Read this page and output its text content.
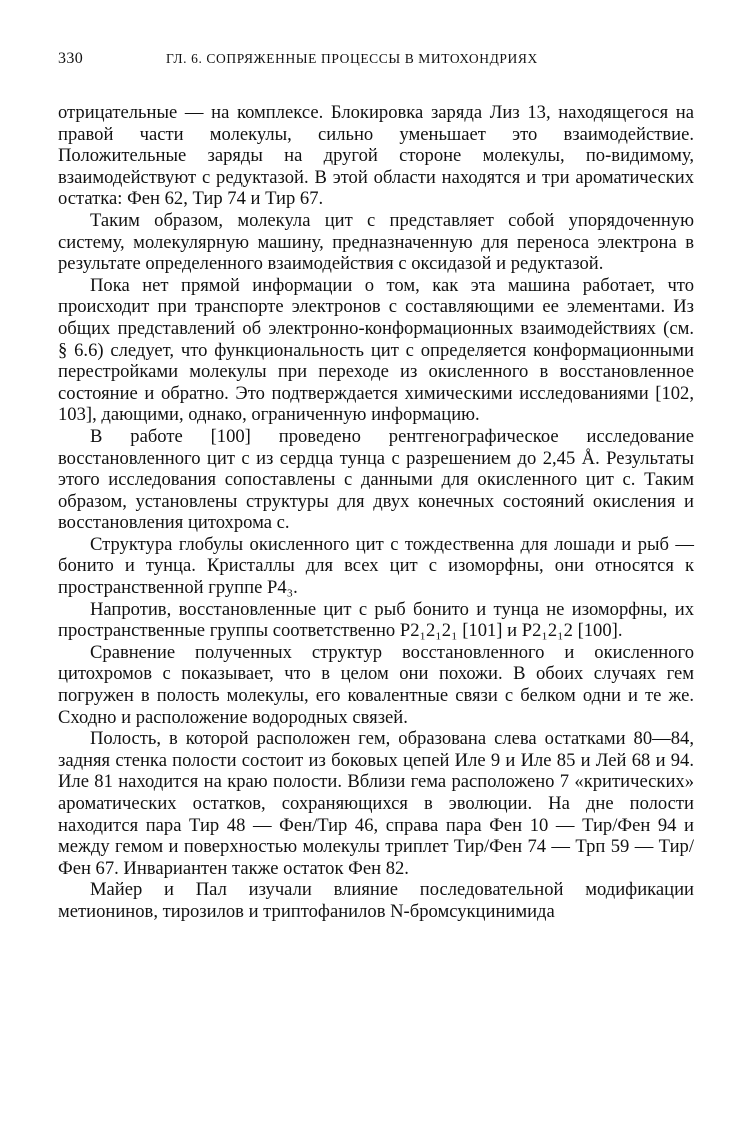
330	ГЛ. 6. СОПРЯЖЕННЫЕ ПРОЦЕССЫ В МИТОХОНДРИЯХ

отрицательные — на комплексе. Блокировка заряда Лиз 13, находящегося на правой части молекулы, сильно уменьшает это взаимодействие. Положительные заряды на другой стороне молекулы, по-видимому, взаимодействуют с редуктазой. В этой области находятся и три ароматических остатка: Фен 62, Тир 74 и Тир 67.

Таким образом, молекула цит с представляет собой упорядоченную систему, молекулярную машину, предназначенную для переноса электрона в результате определенного взаимодействия с оксидазой и редуктазой.

Пока нет прямой информации о том, как эта машина работает, что происходит при транспорте электронов с составляющими ее элементами. Из общих представлений об электронно-конформационных взаимодействиях (см. § 6.6) следует, что функциональность цит с определяется конформационными перестройками молекулы при переходе из окисленного в восстановленное состояние и обратно. Это подтверждается химическими исследованиями [102, 103], дающими, однако, ограниченную информацию.

В работе [100] проведено рентгенографическое исследование восстановленного цит с из сердца тунца с разрешением до 2,45 Å. Результаты этого исследования сопоставлены с данными для окисленного цит с. Таким образом, установлены структуры для двух конечных состояний окисления и восстановления цитохрома с.

Структура глобулы окисленного цит с тождественна для лошади и рыб — бонито и тунца. Кристаллы для всех цит с изоморфны, они относятся к пространственной группе P4₃.

Напротив, восстановленные цит с рыб бонито и тунца не изоморфны, их пространственные группы соответственно P2₁2₁2₁ [101] и P2₁2₁2 [100].

Сравнение полученных структур восстановленного и окисленного цитохромов с показывает, что в целом они похожи. В обоих случаях гем погружен в полость молекулы, его ковалентные связи с белком одни и те же. Сходно и расположение водородных связей.

Полость, в которой расположен гем, образована слева остатками 80—84, задняя стенка полости состоит из боковых цепей Иле 9 и Иле 85 и Лей 68 и 94. Иле 81 находится на краю полости. Вблизи гема расположено 7 «критических» ароматических остатков, сохраняющихся в эволюции. На дне полости находится пара Тир 48 — Фен/Тир 46, справа пара Фен 10 — Тир/Фен 94 и между гемом и поверхностью молекулы триплет Тир/Фен 74 — Трп 59 — Тир/Фен 67. Инвариантен также остаток Фен 82.

Майер и Пал изучали влияние последовательной модификации метионинов, тирозилов и триптофанилов N-бромсукцинимида
